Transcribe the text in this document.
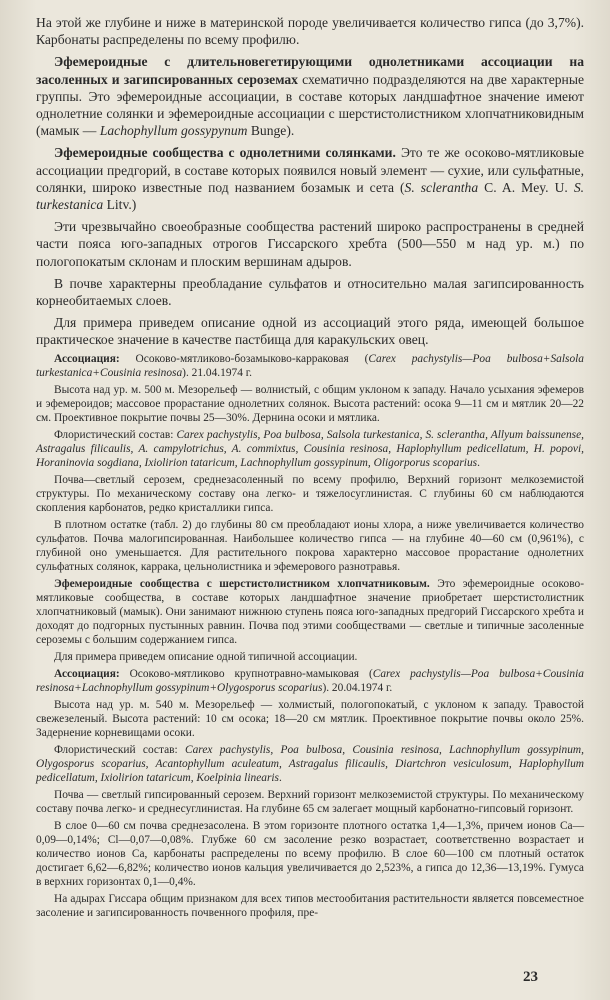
На этой же глубине и ниже в материнской породе увеличивается количество гипса (до 3,7%). Карбонаты распределены по всему профилю.

Эфемероидные с длительновегетирующими однолетниками ассоциации на засоленных и загипсированных сероземах схематично подразделяются на две характерные группы. Это эфемероидные ассоциации, в составе которых ландшафтное значение имеют однолетние солянки и эфемероидные ассоциации с шерстистолистником хлопчатниковидным (мамык — Lachophyllum gossypynum Bunge).

Эфемероидные сообщества с однолетними солянками. Это те же осоково-мятликовые ассоциации предгорий, в составе которых появился новый элемент — сухие, или сульфатные, солянки, широко известные под названием бозамык и сета (S. sclerantha C. A. Mey. U. S. turkestanica Litv.)

Эти чрезвычайно своеобразные сообщества растений широко распространены в средней части пояса юго-западных отрогов Гиссарского хребта (500—550 м над ур. м.) по пологопокатым склонам и плоским вершинам адыров.

В почве характерны преобладание сульфатов и относительно малая загипсированность корнеобитаемых слоев.

Для примера приведем описание одной из ассоциаций этого ряда, имеющей большое практическое значение в качестве пастбища для каракульских овец.

Ассоциация: Осоково-мятликово-бозамыково-карраковая (Carex pachystylis—Poa bulbosa+Salsola turkestanica+Cousinia resinosa). 21.04.1974 г.

Высота над ур. м. 500 м. Мезорельеф — волнистый, с общим уклоном к западу. Начало усыхания эфемеров и эфемероидов; массовое прорастание однолетних солянок. Высота растений: осока 9—11 см и мятлик 20—22 см. Проективное покрытие почвы 25—30%. Дернина осоки и мятлика.

Флористический состав: Carex pachystylis, Poa bulbosa, Salsola turkestanica, S. sclerantha, Allyum baissunense, Astragalus filicaulis, A. campylotrichus, A. commixtus, Cousinia resinosa, Haplophyllum pedicellatum, H. popovi, Horaninovia sogdiana, Ixiolirion tataricum, Lachnophyllum gossypinum, Oligorporus scoparius.

Почва—светлый серозем, среднезасоленный по всему профилю, Верхний горизонт мелкоземистой структуры. По механическому составу она легко- и тяжелосуглинистая. С глубины 60 см наблюдаются скопления карбонатов, редко кристаллики гипса.

В плотном остатке (табл. 2) до глубины 80 см преобладают ионы хлора, а ниже увеличивается количество сульфатов. Почва малогипсированная. Наибольшее количество гипса — на глубине 40—60 см (0,961%), с глубиной оно уменьшается. Для растительного покрова характерно массовое прорастание однолетних сульфатных солянок, каррака, цельнолистника и эфемерового разнотравья.

Эфемероидные сообщества с шерстистолистником хлопчатниковым. Это эфемероидные осоково-мятликовые сообщества, в составе которых ландшафтное значение приобретает шерстистолистник хлопчатниковый (мамык). Они занимают нижнюю ступень пояса юго-западных предгорий Гиссарского хребта и доходят до подгорных пустынных равнин. Почва под этими сообществами — светлые и типичные засоленные сероземы с большим содержанием гипса.

Для примера приведем описание одной типичной ассоциации.

Ассоциация: Осоково-мятликово крупнотравно-мамыковая (Carex pachystylis—Poa bulbosa+Cousinia resinosa+Lachnophyllum gossypinum+Olygosporus scoparius). 20.04.1974 г.

Высота над ур. м. 540 м. Мезорельеф — холмистый, пологопокатый, с уклоном к западу. Травостой свежезеленый. Высота растений: 10 см осока; 18—20 см мятлик. Проективное покрытие почвы около 25%. Задернение корневищами осоки.

Флористический состав: Carex pachystylis, Poa bulbosa, Cousinia resinosa, Lachnophyllum gossypinum, Olygosporus scoparius, Acantophyllum aculeatum, Astragalus filicaulis, Diartchron vesiculosum, Haplophyllum pedicellatum, Ixiolirion tataricum, Koelpinia linearis.

Почва — светлый гипсированный серозем. Верхний горизонт мелкоземистой структуры. По механическому составу почва легко- и среднесуглинистая. На глубине 65 см залегает мощный карбонатно-гипсовый горизонт.

В слое 0—60 см почва среднезасолена. В этом горизонте плотного остатка 1,4—1,3%, причем ионов Ca—0,09—0,14%; Cl—0,07—0,08%. Глубже 60 см засоление резко возрастает, соответственно возрастает и количество ионов Ca, карбонаты распределены по всему профилю. В слое 60—100 см плотный остаток достигает 6,62—6,82%; количество ионов кальция увеличивается до 2,523%, а гипса до 12,36—13,19%. Гумуса в верхних горизонтах 0,1—0,4%.

На адырах Гиссара общим признаком для всех типов местообитания растительности является повсеместное засоление и загипсированность почвенного профиля, пре-

23
